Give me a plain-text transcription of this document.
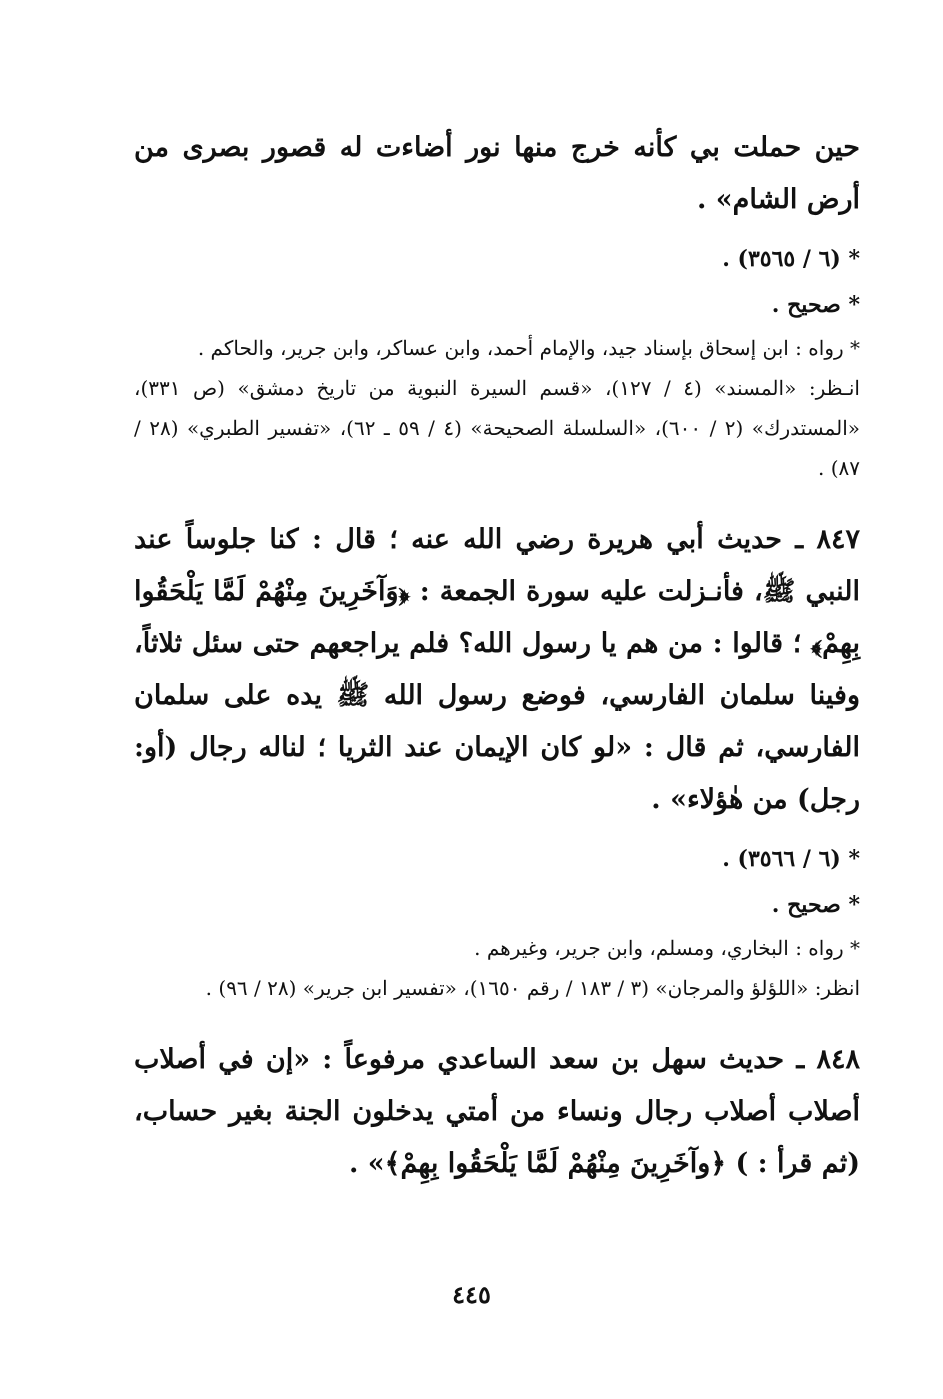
حين حملت بي كأنه خرج منها نور أضاءت له قصور بصرى من أرض الشام» .

* (٦ / ٣٥٦٥) .

* صحيح .

* رواه : ابن إسحاق بإسناد جيد، والإمام أحمد، وابن عساكر، وابن جرير، والحاكم .

انـظر: «المسند» (٤ / ١٢٧)، «قسم السيرة النبوية من تاريخ دمشق» (ص ٣٣١)، «المستدرك» (٢ / ٦٠٠)، «السلسلة الصحيحة» (٤ / ٥٩ ـ ٦٢)، «تفسير الطبري» (٢٨ / ٨٧) .

٨٤٧ ـ حديث أبي هريرة رضي الله عنه ؛ قال : كنا جلوساً عند النبي ﷺ، فأنـزلت عليه سورة الجمعة : ﴿وَآخَرِينَ مِنْهُمْ لَمَّا يَلْحَقُوا بِهِمْ﴾ ؛ قالوا : من هم يا رسول الله؟ فلم يراجعهم حتى سئل ثلاثاً، وفينا سلمان الفارسي، فوضع رسول الله ﷺ يده على سلمان الفارسي، ثم قال : «لو كان الإيمان عند الثريا ؛ لناله رجال (أو: رجل) من هٰؤلاء» .

* (٦ / ٣٥٦٦) .

* صحيح .

* رواه : البخاري، ومسلم، وابن جرير، وغيرهم .

انظر: «اللؤلؤ والمرجان» (٣ / ١٨٣ / رقم ١٦٥٠)، «تفسير ابن جرير» (٢٨ / ٩٦) .

٨٤٨ ـ حديث سهل بن سعد الساعدي مرفوعاً : «إن في أصلاب أصلاب أصلاب رجال ونساء من أمتي يدخلون الجنة بغير حساب، (ثم قرأ : ) ﴿وآخَرِينَ مِنْهُمْ لَمَّا يَلْحَقُوا بِهِمْ﴾» .

٤٤٥
